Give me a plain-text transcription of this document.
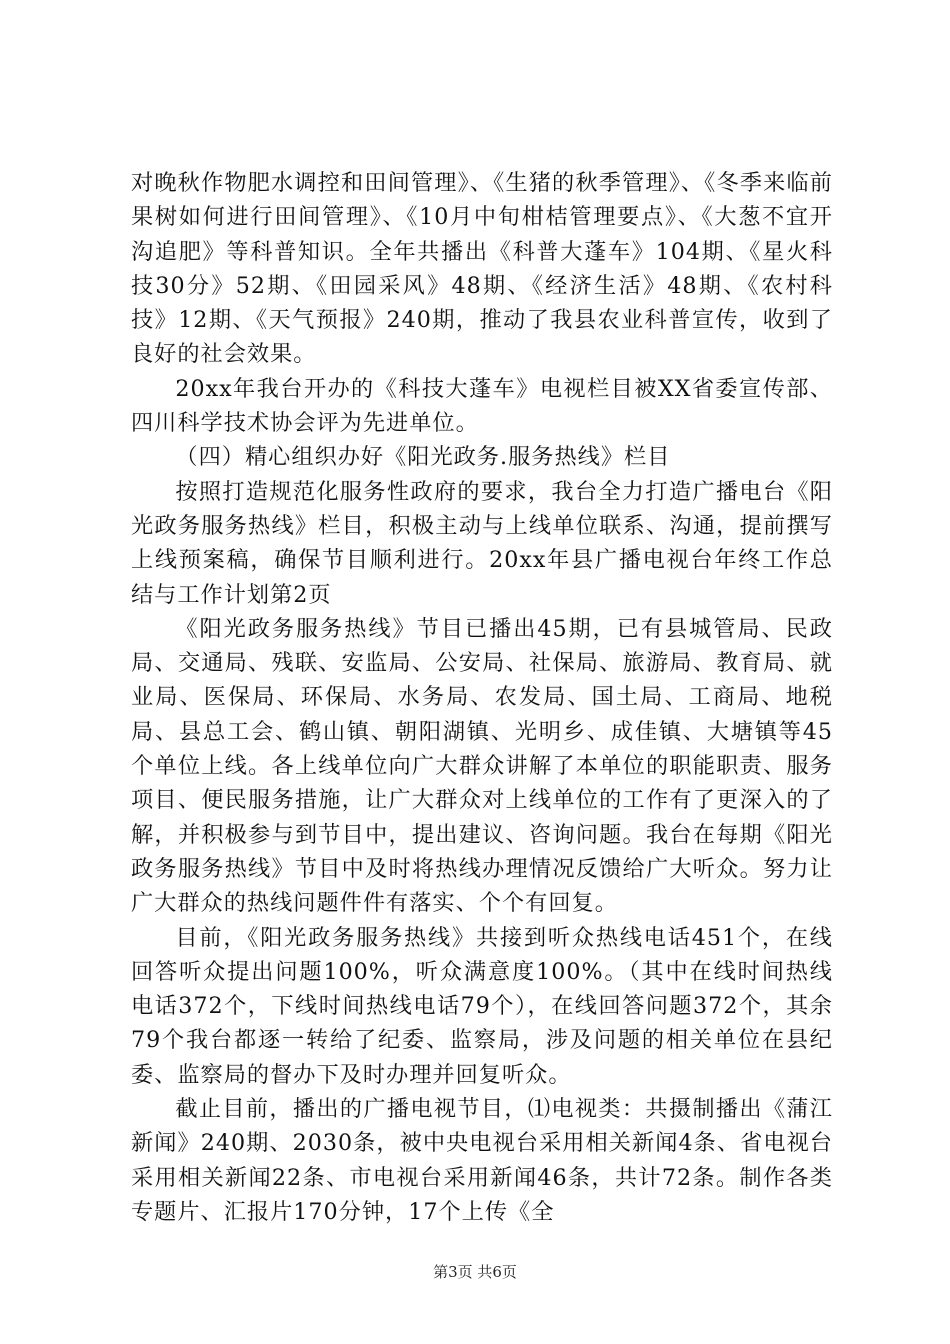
对晚秋作物肥水调控和田间管理》、《生猪的秋季管理》、《冬季来临前果树如何进行田间管理》、《10月中旬柑桔管理要点》、《大葱不宜开沟追肥》等科普知识。全年共播出《科普大蓬车》104期、《星火科技30分》52期、《田园采风》48期、《经济生活》48期、《农村科技》12期、《天气预报》240期，推动了我县农业科普宣传，收到了良好的社会效果。

20xx年我台开办的《科技大蓬车》电视栏目被XX省委宣传部、四川科学技术协会评为先进单位。

（四）精心组织办好《阳光政务.服务热线》栏目

按照打造规范化服务性政府的要求，我台全力打造广播电台《阳光政务服务热线》栏目，积极主动与上线单位联系、沟通，提前撰写上线预案稿，确保节目顺利进行。20xx年县广播电视台年终工作总结与工作计划第2页

《阳光政务服务热线》节目已播出45期，已有县城管局、民政局、交通局、残联、安监局、公安局、社保局、旅游局、教育局、就业局、医保局、环保局、水务局、农发局、国土局、工商局、地税局、县总工会、鹤山镇、朝阳湖镇、光明乡、成佳镇、大塘镇等45个单位上线。各上线单位向广大群众讲解了本单位的职能职责、服务项目、便民服务措施，让广大群众对上线单位的工作有了更深入的了解，并积极参与到节目中，提出建议、咨询问题。我台在每期《阳光政务服务热线》节目中及时将热线办理情况反馈给广大听众。努力让广大群众的热线问题件件有落实、个个有回复。

目前，《阳光政务服务热线》共接到听众热线电话451个，在线回答听众提出问题100%，听众满意度100%。（其中在线时间热线电话372个，下线时间热线电话79个），在线回答问题372个，其余79个我台都逐一转给了纪委、监察局，涉及问题的相关单位在县纪委、监察局的督办下及时办理并回复听众。

截止目前，播出的广播电视节目，⑴电视类：共摄制播出《蒲江新闻》240期、2030条，被中央电视台采用相关新闻4条、省电视台采用相关新闻22条、市电视台采用新闻46条，共计72条。制作各类专题片、汇报片170分钟，17个上传《全

第3页 共6页
